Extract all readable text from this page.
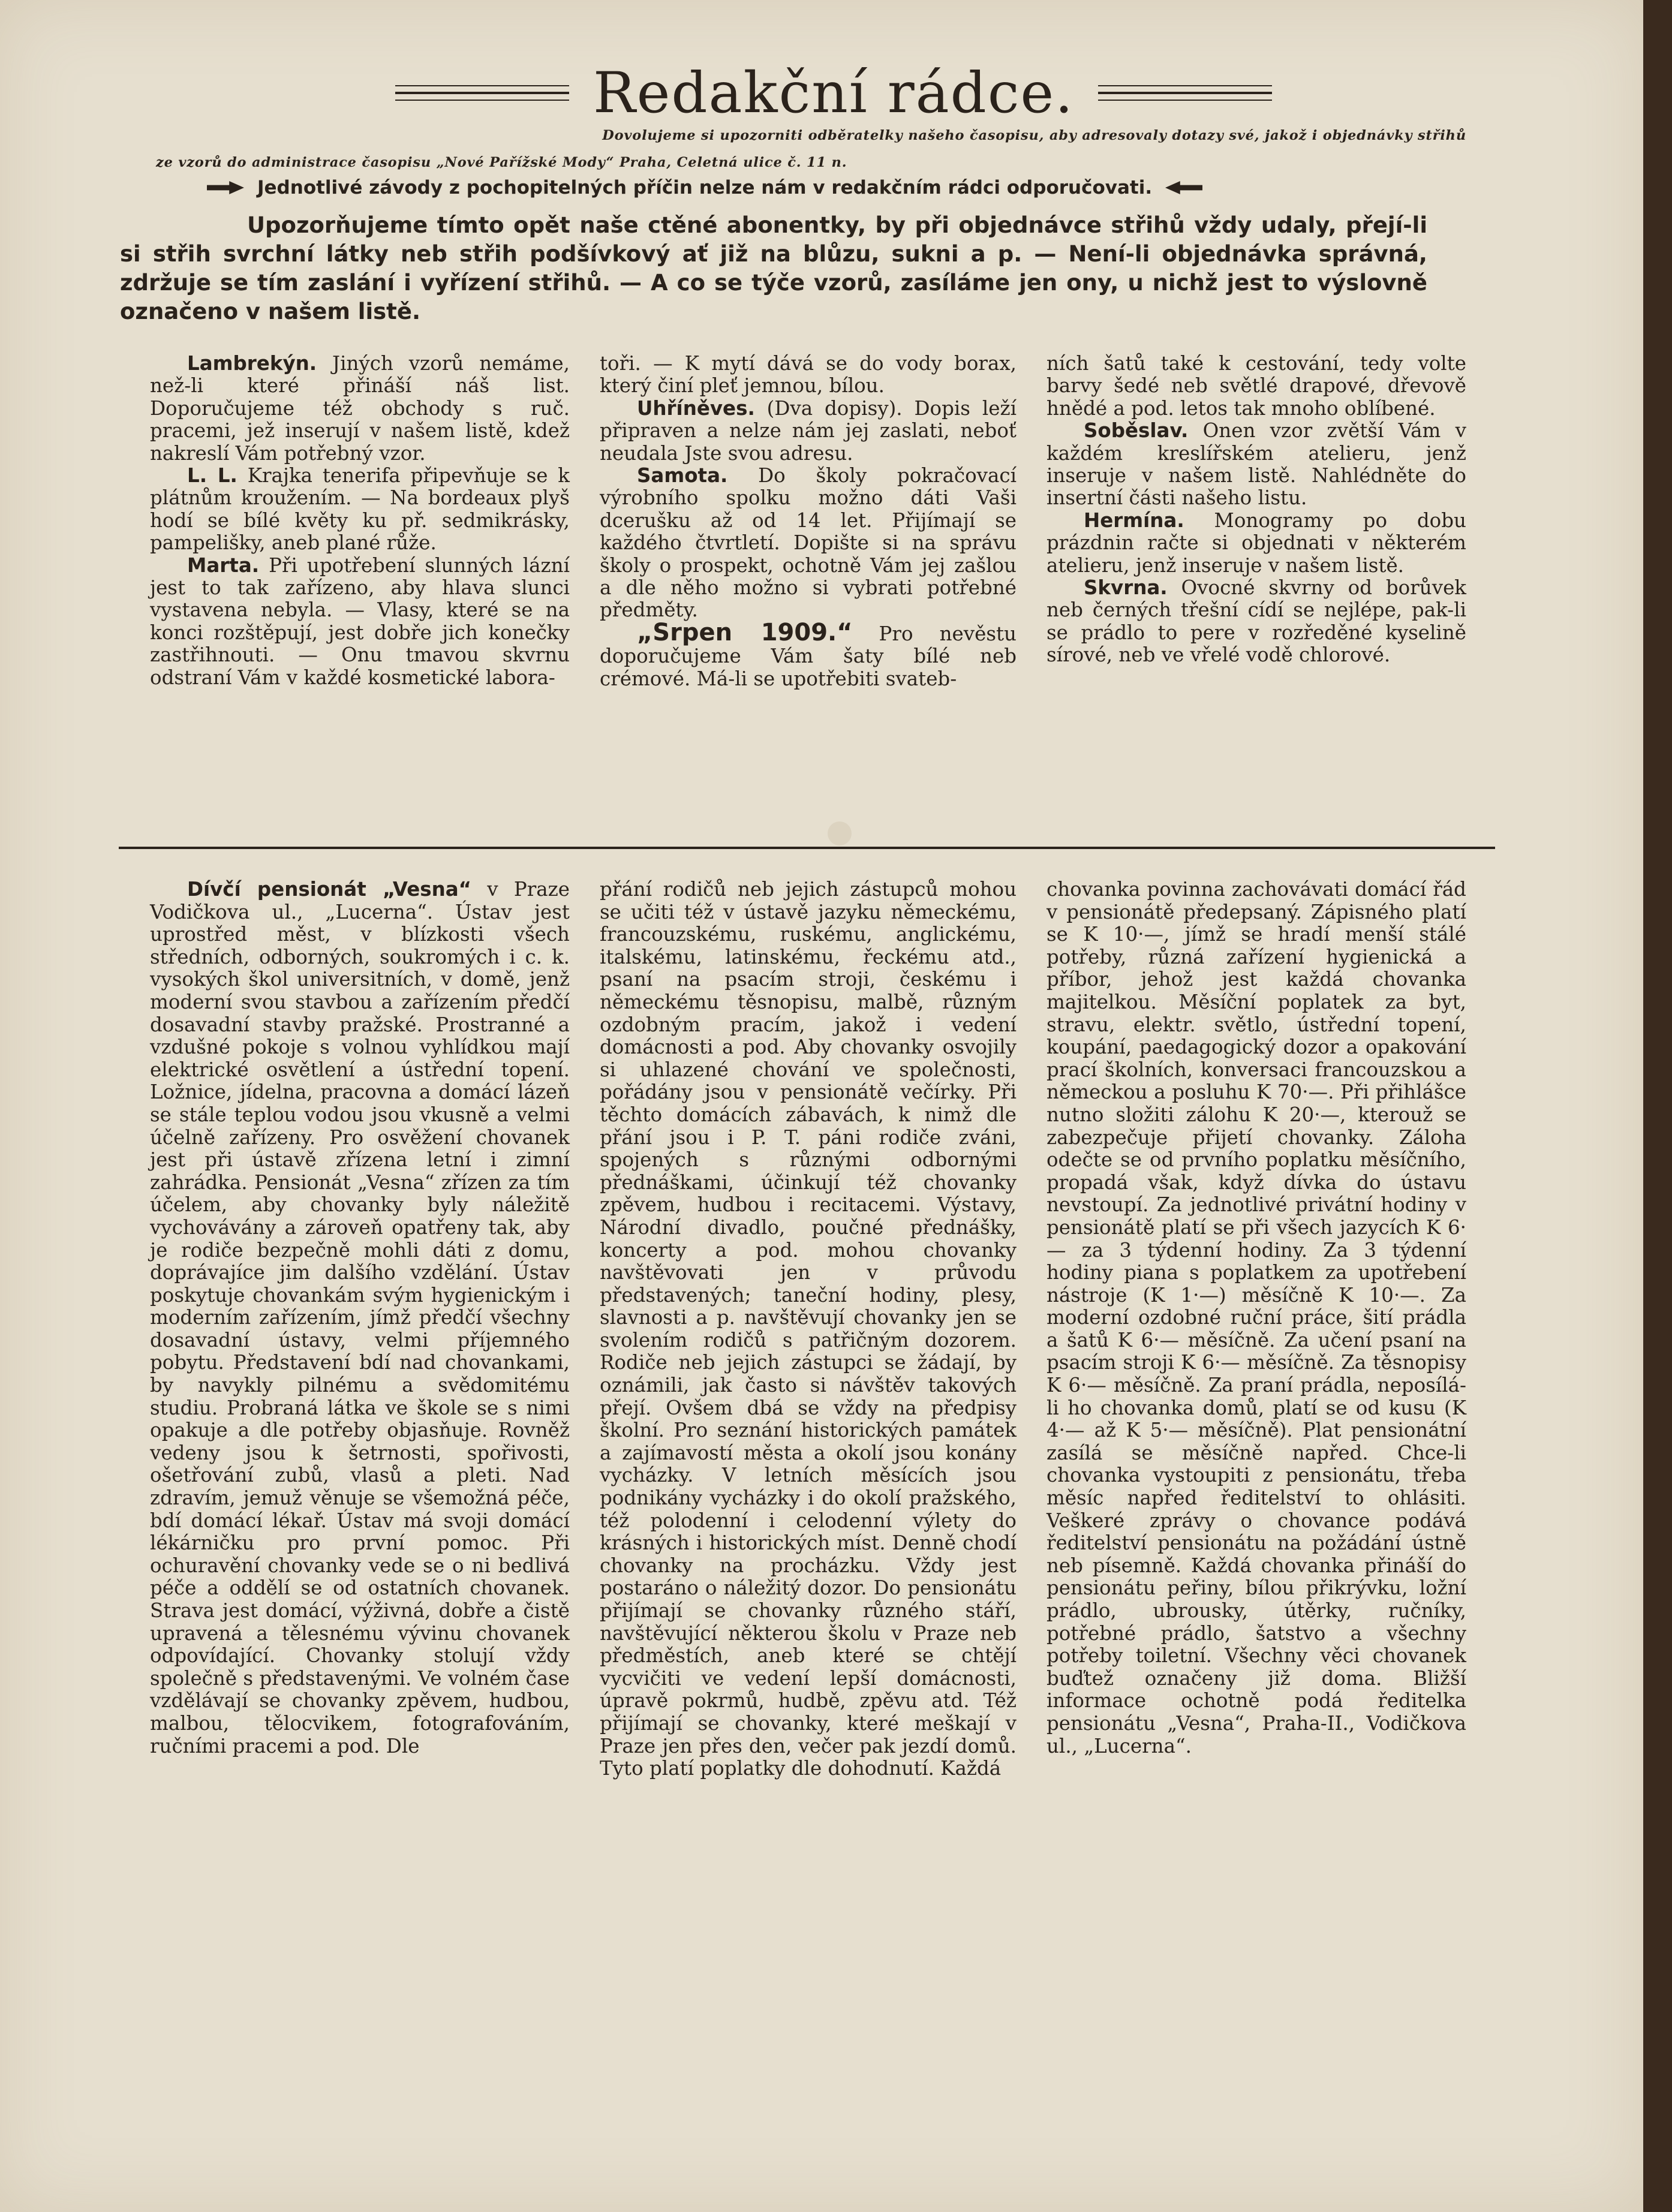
Redakční rádce.
Dovolujeme si upozorniti odběratelky našeho časopisu, aby adresovaly dotazy své, jakož i objednávky střihů
ze vzorů do administrace časopisu „Nové Pařížské Mody“ Praha, Celetná ulice č. 11 n.
Jednotlivé závody z pochopitelných příčin nelze nám v redakčním rádci odporučovati.
Upozorňujeme tímto opět naše ctěné abonentky, by při objednávce střihů vždy udaly, přejí-li si střih svrchní látky neb střih podšívkový ať již na blůzu, sukni a p. — Není-li objednávka správná, zdržuje se tím zaslání i vyřízení střihů. — A co se týče vzorů, zasíláme jen ony, u nichž jest to výslovně označeno v našem listě.

Lambrekýn. Jiných vzorů nemáme, než-li které přináší náš list. Doporučujeme též obchody s ruč. pracemi, jež inserují v našem listě, kdež nakreslí Vám potřebný vzor.

L. L. Krajka tenerifa připevňuje se k plátnům kroužením. — Na bordeaux plyš hodí se bílé květy ku př. sedmikrásky, pampelišky, aneb plané růže.

Marta. Při upotřebení slunných lázní jest to tak zařízeno, aby hlava slunci vystavena nebyla. — Vlasy, které se na konci rozštěpují, jest dobře jich konečky zastřihnouti. — Onu tmavou skvrnu odstraní Vám v každé kosmetické labora-

toři. — K mytí dává se do vody borax, který činí pleť jemnou, bílou.

Uhříněves. (Dva dopisy). Dopis leží připraven a nelze nám jej zaslati, neboť neudala Jste svou adresu.

Samota. Do školy pokračovací výrobního spolku možno dáti Vaši dcerušku až od 14 let. Přijímají se každého čtvrtletí. Dopište si na správu školy o prospekt, ochotně Vám jej zašlou a dle něho možno si vybrati potřebné předměty.

„Srpen 1909.“ Pro nevěstu doporučujeme Vám šaty bílé neb crémové. Má-li se upotřebiti svateb-

ních šatů také k cestování, tedy volte barvy šedé neb světlé drapové, dřevově hnědé a pod. letos tak mnoho oblíbené.

Soběslav. Onen vzor zvětší Vám v každém kreslířském atelieru, jenž inseruje v našem listě. Nahlédněte do insertní části našeho listu.

Hermína. Monogramy po dobu prázdnin račte si objednati v některém atelieru, jenž inseruje v našem listě.

Skvrna. Ovocné skvrny od borůvek neb černých třešní cídí se nejlépe, pak-li se prádlo to pere v rozředěné kyselině sírové, neb ve vřelé vodě chlorové.

Dívčí pensionát „Vesna“ v Praze Vodičkova ul., „Lucerna“. Ústav jest uprostřed měst, v blízkosti všech středních, odborných, soukromých i c. k. vysokých škol universitních, v domě, jenž moderní svou stavbou a zařízením předčí dosavadní stavby pražské. Prostranné a vzdušné pokoje s volnou vyhlídkou mají elektrické osvětlení a ústřední topení. Ložnice, jídelna, pracovna a domácí lázeň se stále teplou vodou jsou vkusně a velmi účelně zařízeny. Pro osvěžení chovanek jest při ústavě zřízena letní i zimní zahrádka. Pensionát „Vesna“ zřízen za tím účelem, aby chovanky byly náležitě vychovávány a zároveň opatřeny tak, aby je rodiče bezpečně mohli dáti z domu, doprávajíce jim dalšího vzdělání. Ústav poskytuje chovankám svým hygienickým i moderním zařízením, jímž předčí všechny dosavadní ústavy, velmi příjemného pobytu. Představení bdí nad chovankami, by navykly pilnému a svědomitému studiu. Probraná látka ve škole se s nimi opakuje a dle potřeby objasňuje. Rovněž vedeny jsou k šetrnosti, spořivosti, ošetřování zubů, vlasů a pleti. Nad zdravím, jemuž věnuje se všemožná péče, bdí domácí lékař. Ústav má svoji domácí lékárničku pro první pomoc. Při ochuravění chovanky vede se o ni bedlivá péče a oddělí se od ostatních chovanek. Strava jest domácí, výživná, dobře a čistě upravená a tělesnému vývinu chovanek odpovídající. Chovanky stolují vždy společně s představenými. Ve volném čase vzdělávají se chovanky zpěvem, hudbou, malbou, tělocvikem, fotografováním, ručními pracemi a pod. Dle

přání rodičů neb jejich zástupců mohou se učiti též v ústavě jazyku německému, francouzskému, ruskému, anglickému, italskému, latinskému, řeckému atd., psaní na psacím stroji, českému i německému těsnopisu, malbě, různým ozdobným pracím, jakož i vedení domácnosti a pod. Aby chovanky osvojily si uhlazené chování ve společnosti, pořádány jsou v pensionátě večírky. Při těchto domácích zábavách, k nimž dle přání jsou i P. T. páni rodiče zváni, spojených s různými odbornými přednáškami, účinkují též chovanky zpěvem, hudbou i recitacemi. Výstavy, Národní divadlo, poučné přednášky, koncerty a pod. mohou chovanky navštěvovati jen v průvodu představených; taneční hodiny, plesy, slavnosti a p. navštěvují chovanky jen se svolením rodičů s patřičným dozorem. Rodiče neb jejich zástupci se žádají, by oznámili, jak často si návštěv takových přejí. Ovšem dbá se vždy na předpisy školní. Pro seznání historických památek a zajímavostí města a okolí jsou konány vycházky. V letních měsících jsou podnikány vycházky i do okolí pražského, též polodenní i celodenní výlety do krásných i historických míst. Denně chodí chovanky na procházku. Vždy jest postaráno o náležitý dozor. Do pensionátu přijímají se chovanky různého stáří, navštěvující některou školu v Praze neb předměstích, aneb které se chtějí vycvičiti ve vedení lepší domácnosti, úpravě pokrmů, hudbě, zpěvu atd. Též přijímají se chovanky, které meškají v Praze jen přes den, večer pak jezdí domů. Tyto platí poplatky dle dohodnutí. Každá

chovanka povinna zachovávati domácí řád v pensionátě předepsaný. Zápisného platí se K 10·—, jímž se hradí menší stálé potřeby, různá zařízení hygienická a příbor, jehož jest každá chovanka majitelkou. Měsíční poplatek za byt, stravu, elektr. světlo, ústřední topení, koupání, paedagogický dozor a opakování prací školních, konversaci francouzskou a německou a posluhu K 70·—. Při přihlášce nutno složiti zálohu K 20·—, kterouž se zabezpečuje přijetí chovanky. Záloha odečte se od prvního poplatku měsíčního, propadá však, když dívka do ústavu nevstoupí. Za jednotlivé privátní hodiny v pensionátě platí se při všech jazycích K 6·— za 3 týdenní hodiny. Za 3 týdenní hodiny piana s poplatkem za upotřebení nástroje (K 1·—) měsíčně K 10·—. Za moderní ozdobné ruční práce, šití prádla a šatů K 6·— měsíčně. Za učení psaní na psacím stroji K 6·— měsíčně. Za těsnopisy K 6·— měsíčně. Za praní prádla, neposílá-li ho chovanka domů, platí se od kusu (K 4·— až K 5·— měsíčně). Plat pensionátní zasílá se měsíčně napřed. Chce-li chovanka vystoupiti z pensionátu, třeba měsíc napřed ředitelství to ohlásiti. Veškeré zprávy o chovance podává ředitelství pensionátu na požádání ústně neb písemně. Každá chovanka přináší do pensionátu peřiny, bílou přikrývku, ložní prádlo, ubrousky, útěrky, ručníky, potřebné prádlo, šatstvo a všechny potřeby toiletní. Všechny věci chovanek buďtež označeny již doma. Bližší informace ochotně podá ředitelka pensionátu „Vesna“, Praha-II., Vodičkova ul., „Lucerna“.
